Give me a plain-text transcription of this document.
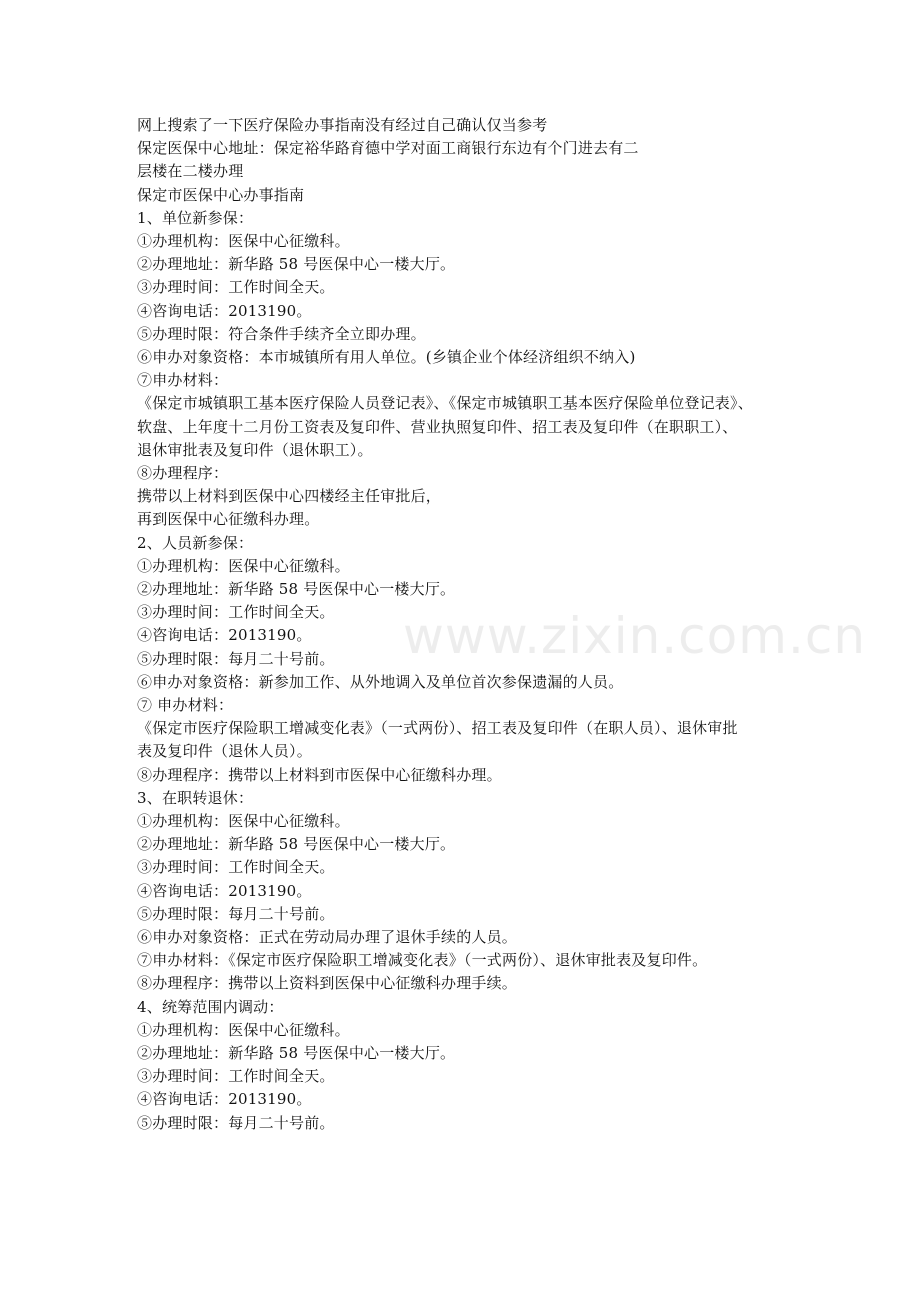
www.zixin.com.cn
网上搜索了一下医疗保险办事指南没有经过自己确认仅当参考
保定医保中心地址：保定裕华路育德中学对面工商银行东边有个门进去有二
层楼在二楼办理
保定市医保中心办事指南
1、单位新参保：
①办理机构：医保中心征缴科。
②办理地址：新华路 58 号医保中心一楼大厅。
③办理时间：工作时间全天。
④咨询电话：2013190。
⑤办理时限：符合条件手续齐全立即办理。
⑥申办对象资格：本市城镇所有用人单位。(乡镇企业个体经济组织不纳入)
⑦申办材料：
《保定市城镇职工基本医疗保险人员登记表》、《保定市城镇职工基本医疗保险单位登记表》、
软盘、上年度十二月份工资表及复印件、营业执照复印件、招工表及复印件（在职职工）、
退休审批表及复印件（退休职工）。
⑧办理程序：
携带以上材料到医保中心四楼经主任审批后，
再到医保中心征缴科办理。
2、人员新参保：
①办理机构：医保中心征缴科。
②办理地址：新华路 58 号医保中心一楼大厅。
③办理时间：工作时间全天。
④咨询电话：2013190。
⑤办理时限：每月二十号前。
⑥申办对象资格：新参加工作、从外地调入及单位首次参保遗漏的人员。
⑦ 申办材料：
《保定市医疗保险职工增减变化表》（一式两份）、招工表及复印件（在职人员）、退休审批
表及复印件（退休人员）。
⑧办理程序：携带以上材料到市医保中心征缴科办理。
3、在职转退休：
①办理机构：医保中心征缴科。
②办理地址：新华路 58 号医保中心一楼大厅。
③办理时间：工作时间全天。
④咨询电话：2013190。
⑤办理时限：每月二十号前。
⑥申办对象资格：正式在劳动局办理了退休手续的人员。
⑦申办材料：《保定市医疗保险职工增减变化表》（一式两份）、退休审批表及复印件。
⑧办理程序：携带以上资料到医保中心征缴科办理手续。
4、统筹范围内调动：
①办理机构：医保中心征缴科。
②办理地址：新华路 58 号医保中心一楼大厅。
③办理时间：工作时间全天。
④咨询电话：2013190。
⑤办理时限：每月二十号前。
